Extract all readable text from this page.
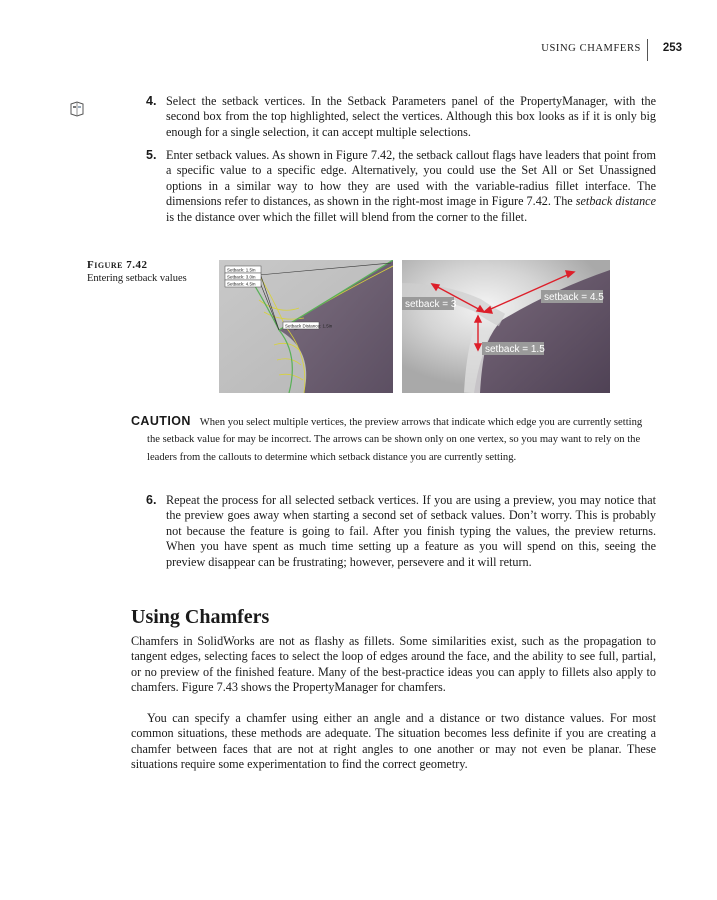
USING CHAMFERS 253
4. Select the setback vertices. In the Setback Parameters panel of the PropertyManager, with the second box from the top highlighted, select the vertices. Although this box looks as if it is only big enough for a single selection, it can accept multiple selections.
5. Enter setback values. As shown in Figure 7.42, the setback callout flags have leaders that point from a specific value to a specific edge. Alternatively, you could use the Set All or Set Unassigned options in a similar way to how they are used with the variable-radius fillet interface. The dimensions refer to distances, as shown in the right-most image in Figure 7.42. The setback distance is the distance over which the fillet will blend from the corner to the fillet.
Figure 7.42
Entering setback values
Setback: 1.5in
Setback: 3.0in
Setback: 4.5in
Setback Distance: 1.5in
setback = 3
setback = 4.5
setback = 1.5

CAUTION When you select multiple vertices, the preview arrows that indicate which edge you are currently setting the setback value for may be incorrect. The arrows can be shown only on one vertex, so you may want to rely on the leaders from the callouts to determine which setback distance you are currently setting.

6. Repeat the process for all selected setback vertices. If you are using a preview, you may notice that the preview goes away when starting a second set of setback values. Don’t worry. This is probably not because the feature is going to fail. After you finish typing the values, the preview returns. When you have spent as much time setting up a feature as you will spend on this, seeing the preview disappear can be frustrating; however, persevere and it will return.
Using Chamfers

Chamfers in SolidWorks are not as flashy as fillets. Some similarities exist, such as the propagation to tangent edges, selecting faces to select the loop of edges around the face, and the ability to see full, partial, or no preview of the finished feature. Many of the best-practice ideas you can apply to fillets also apply to chamfers. Figure 7.43 shows the PropertyManager for chamfers.

You can specify a chamfer using either an angle and a distance or two distance values. For most common situations, these methods are adequate. The situation becomes less definite if you are creating a chamfer between faces that are not at right angles to one another or may not even be planar. These situations require some experimentation to find the correct geometry.
